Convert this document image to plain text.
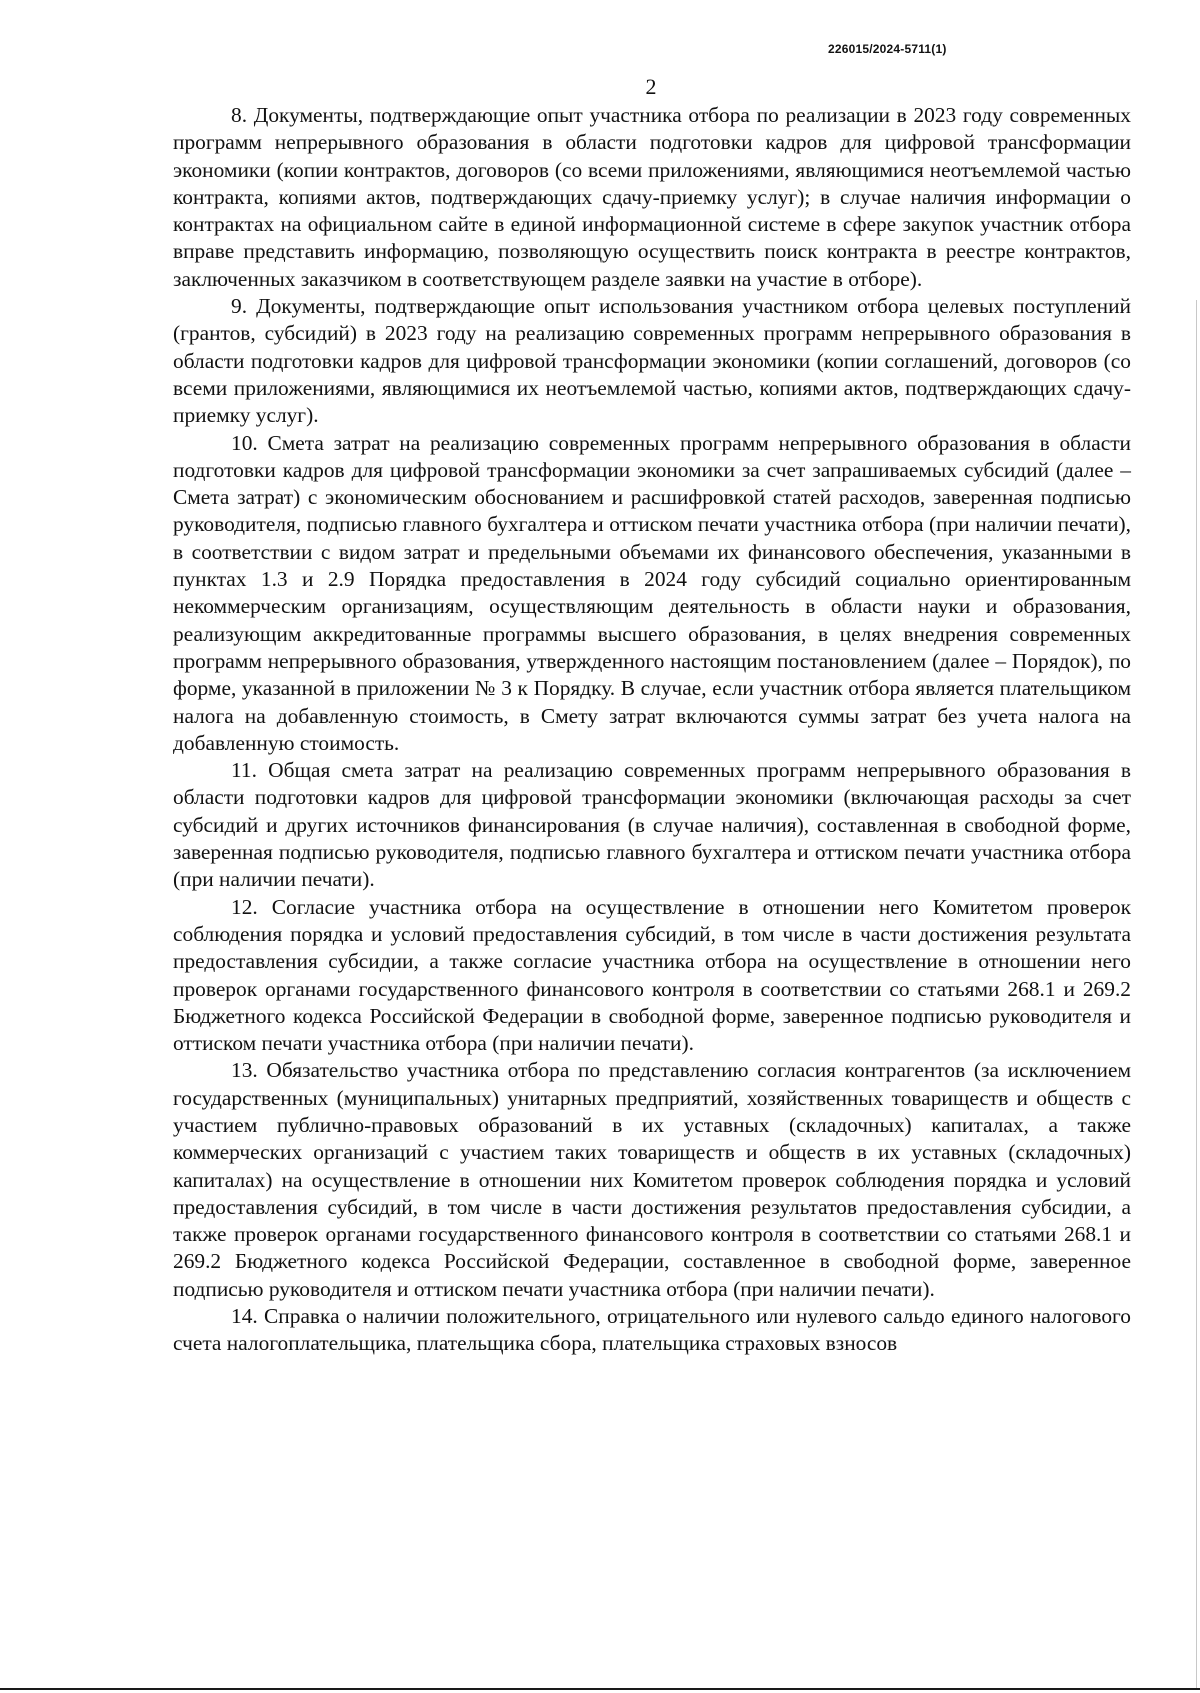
226015/2024-5711(1)
2

8. Документы, подтверждающие опыт участника отбора по реализации в 2023 году современных программ непрерывного образования в области подготовки кадров для цифровой трансформации экономики (копии контрактов, договоров (со всеми приложениями, являющимися неотъемлемой частью контракта, копиями актов, подтверждающих сдачу-приемку услуг); в случае наличия информации о контрактах на официальном сайте в единой информационной системе в сфере закупок участник отбора вправе представить информацию, позволяющую осуществить поиск контракта в реестре контрактов, заключенных заказчиком в соответствующем разделе заявки на участие в отборе).

9. Документы, подтверждающие опыт использования участником отбора целевых поступлений (грантов, субсидий) в 2023 году на реализацию современных программ непрерывного образования в области подготовки кадров для цифровой трансформации экономики (копии соглашений, договоров (со всеми приложениями, являющимися их неотъемлемой частью, копиями актов, подтверждающих сдачу-приемку услуг).

10. Смета затрат на реализацию современных программ непрерывного образования в области подготовки кадров для цифровой трансформации экономики за счет запрашиваемых субсидий (далее – Смета затрат) с экономическим обоснованием и расшифровкой статей расходов, заверенная подписью руководителя, подписью главного бухгалтера и оттиском печати участника отбора (при наличии печати), в соответствии с видом затрат и предельными объемами их финансового обеспечения, указанными в пунктах 1.3 и 2.9 Порядка предоставления в 2024 году субсидий социально ориентированным некоммерческим организациям, осуществляющим деятельность в области науки и образования, реализующим аккредитованные программы высшего образования, в целях внедрения современных программ непрерывного образования, утвержденного настоящим постановлением (далее – Порядок), по форме, указанной в приложении № 3 к Порядку. В случае, если участник отбора является плательщиком налога на добавленную стоимость, в Смету затрат включаются суммы затрат без учета налога на добавленную стоимость.

11. Общая смета затрат на реализацию современных программ непрерывного образования в области подготовки кадров для цифровой трансформации экономики (включающая расходы за счет субсидий и других источников финансирования (в случае наличия), составленная в свободной форме, заверенная подписью руководителя, подписью главного бухгалтера и оттиском печати участника отбора (при наличии печати).

12. Согласие участника отбора на осуществление в отношении него Комитетом проверок соблюдения порядка и условий предоставления субсидий, в том числе в части достижения результата предоставления субсидии, а также согласие участника отбора на осуществление в отношении него проверок органами государственного финансового контроля в соответствии со статьями 268.1 и 269.2 Бюджетного кодекса Российской Федерации в свободной форме, заверенное подписью руководителя и оттиском печати участника отбора (при наличии печати).

13. Обязательство участника отбора по представлению согласия контрагентов (за исключением государственных (муниципальных) унитарных предприятий, хозяйственных товариществ и обществ с участием публично-правовых образований в их уставных (складочных) капиталах, а также коммерческих организаций с участием таких товариществ и обществ в их уставных (складочных) капиталах) на осуществление в отношении них Комитетом проверок соблюдения порядка и условий предоставления субсидий, в том числе в части достижения результатов предоставления субсидии, а также проверок органами государственного финансового контроля в соответствии со статьями 268.1 и 269.2 Бюджетного кодекса Российской Федерации, составленное в свободной форме, заверенное подписью руководителя и оттиском печати участника отбора (при наличии печати).

14. Справка о наличии положительного, отрицательного или нулевого сальдо единого налогового счета налогоплательщика, плательщика сбора, плательщика страховых взносов
